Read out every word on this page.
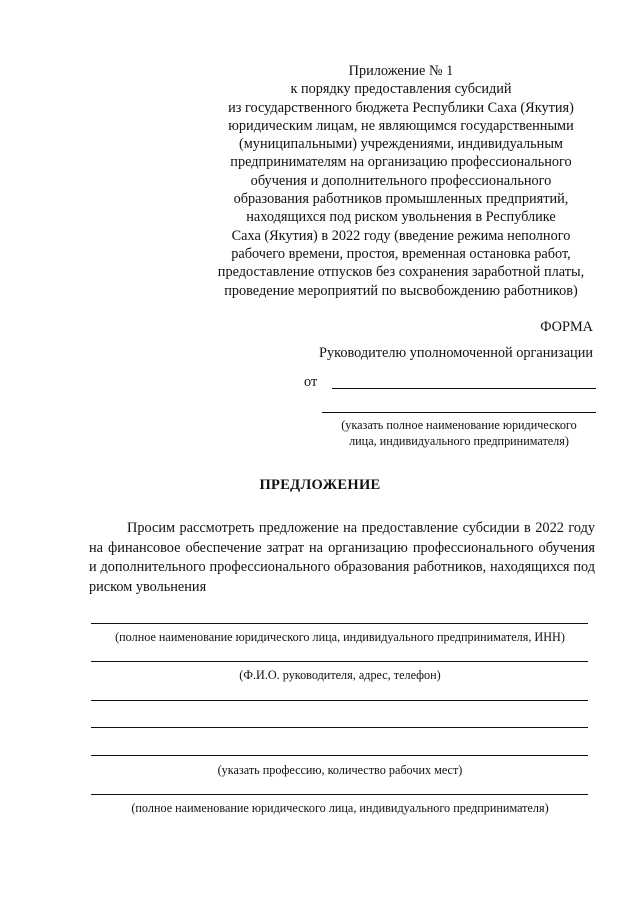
Приложение № 1
к порядку предоставления субсидий
из государственного бюджета Республики Саха (Якутия)
юридическим лицам, не являющимся государственными
(муниципальными) учреждениями, индивидуальным
предпринимателям на организацию профессионального
обучения и дополнительного профессионального
образования работников промышленных предприятий,
находящихся под риском увольнения в Республике
Саха (Якутия) в 2022 году (введение режима неполного
рабочего времени, простоя, временная остановка работ,
предоставление отпусков без сохранения заработной платы,
проведение мероприятий по высвобождению работников)
ФОРМА
Руководителю уполномоченной организации
от
(указать полное наименование юридического
лица, индивидуального предпринимателя)
ПРЕДЛОЖЕНИЕ
Просим рассмотреть предложение на предоставление субсидии в 2022 году на финансовое обеспечение затрат на организацию профессионального обучения и дополнительного профессионального образования работников, находящихся под риском увольнения
(полное наименование юридического лица, индивидуального предпринимателя, ИНН)
(Ф.И.О. руководителя, адрес, телефон)
(указать профессию, количество рабочих мест)
(полное наименование юридического лица, индивидуального предпринимателя)
